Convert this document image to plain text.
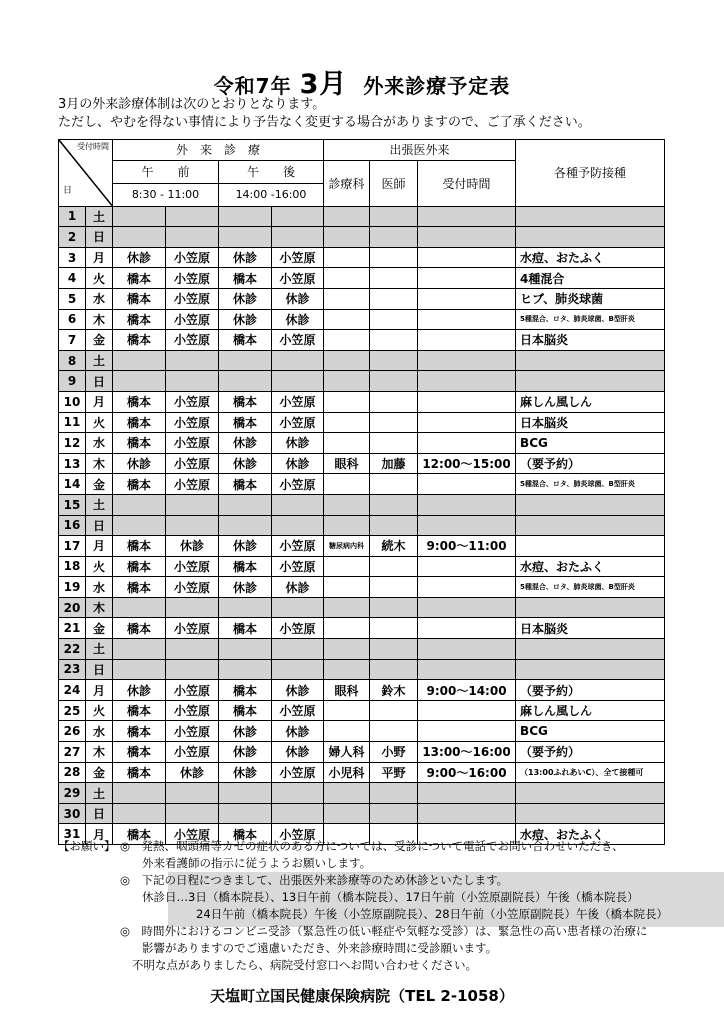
令和7年 3月 外来診療予定表
3月の外来診療体制は次のとおりとなります。
ただし、やむを得ない事情により予告なく変更する場合がありますので、ご了承ください。
受付時間
日		外　来　診　療				出張医外来			各種予防接種
		午　　前		午　　後		診療科	医師	受付時間	
		8:30 - 11:00		14:00 -16:00					
1	土								
2	日								
3	月	休診	小笠原	休診	小笠原				水痘、おたふく
4	火	橋本	小笠原	橋本	小笠原				4種混合
5	水	橋本	小笠原	休診	休診				ヒブ、肺炎球菌
6	木	橋本	小笠原	休診	休診				5種混合、ロタ、肺炎球菌、B型肝炎
7	金	橋本	小笠原	橋本	小笠原				日本脳炎
8	土								
9	日								
10	月	橋本	小笠原	橋本	小笠原				麻しん風しん
11	火	橋本	小笠原	橋本	小笠原				日本脳炎
12	水	橋本	小笠原	休診	休診				BCG
13	木	休診	小笠原	休診	休診	眼科	加藤	12:00～15:00	（要予約）
14	金	橋本	小笠原	橋本	小笠原				5種混合、ロタ、肺炎球菌、B型肝炎
15	土								
16	日								
17	月	橋本	休診	休診	小笠原	糖尿病内科	続木	9:00～11:00	
18	火	橋本	小笠原	橋本	小笠原				水痘、おたふく
19	水	橋本	小笠原	休診	休診				5種混合、ロタ、肺炎球菌、B型肝炎
20	木								
21	金	橋本	小笠原	橋本	小笠原				日本脳炎
22	土								
23	日								
24	月	休診	小笠原	橋本	休診	眼科	鈴木	9:00～14:00	（要予約）
25	火	橋本	小笠原	橋本	小笠原				麻しん風しん
26	水	橋本	小笠原	休診	休診				BCG
27	木	橋本	小笠原	休診	休診	婦人科	小野	13:00～16:00	（要予約）
28	金	橋本	休診	休診	小笠原	小児科	平野	9:00～16:00	（13:00ふれあいC）、全て接種可
29	土								
30	日								
31	月	橋本	小笠原	橋本	小笠原				水痘、おたふく
【お願い】 ◎　発熱、咽頭痛等カゼの症状のある方については、受診について電話でお問い合わせいただき、
外来看護師の指示に従うようお願いします。
◎　下記の日程につきまして、出張医外来診療等のため休診といたします。
休診日…3日（橋本院長）、13日午前（橋本院長）、17日午前（小笠原副院長）午後（橋本院長）
24日午前（橋本院長）午後（小笠原副院長）、28日午前（小笠原副院長）午後（橋本院長）
◎　時間外におけるコンビニ受診（緊急性の低い軽症や気軽な受診）は、緊急性の高い患者様の治療に
影響がありますのでご遠慮いただき、外来診療時間に受診願います。
不明な点がありましたら、病院受付窓口へお問い合わせください。
天塩町立国民健康保険病院（TEL 2-1058）
